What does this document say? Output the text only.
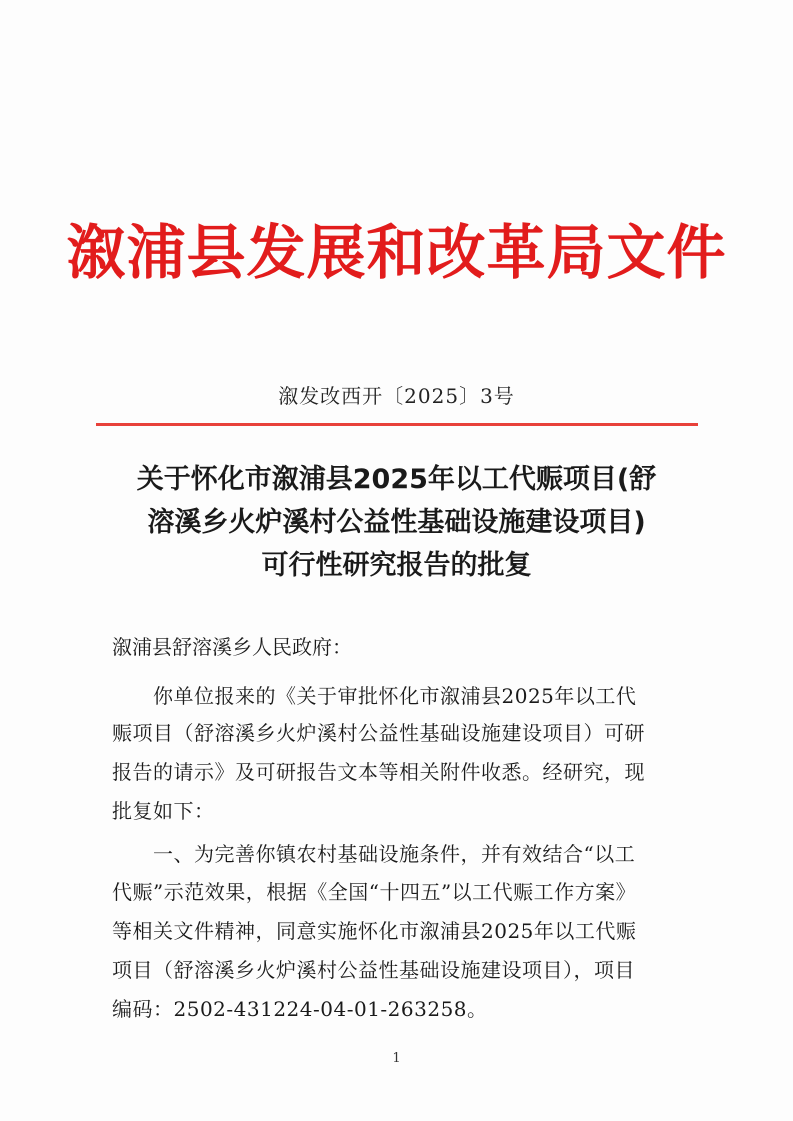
溆浦县发展和改革局文件
溆发改西开〔2025〕3号
关于怀化市溆浦县2025年以工代赈项目(舒
溶溪乡火炉溪村公益性基础设施建设项目)
可行性研究报告的批复
溆浦县舒溶溪乡人民政府：
你单位报来的《关于审批怀化市溆浦县2025年以工代
赈项目（舒溶溪乡火炉溪村公益性基础设施建设项目）可研
报告的请示》及可研报告文本等相关附件收悉。经研究，现
批复如下：
一、为完善你镇农村基础设施条件，并有效结合“以工
代赈”示范效果，根据《全国“十四五”以工代赈工作方案》
等相关文件精神，同意实施怀化市溆浦县2025年以工代赈
项目（舒溶溪乡火炉溪村公益性基础设施建设项目），项目
编码：2502-431224-04-01-263258。
1
